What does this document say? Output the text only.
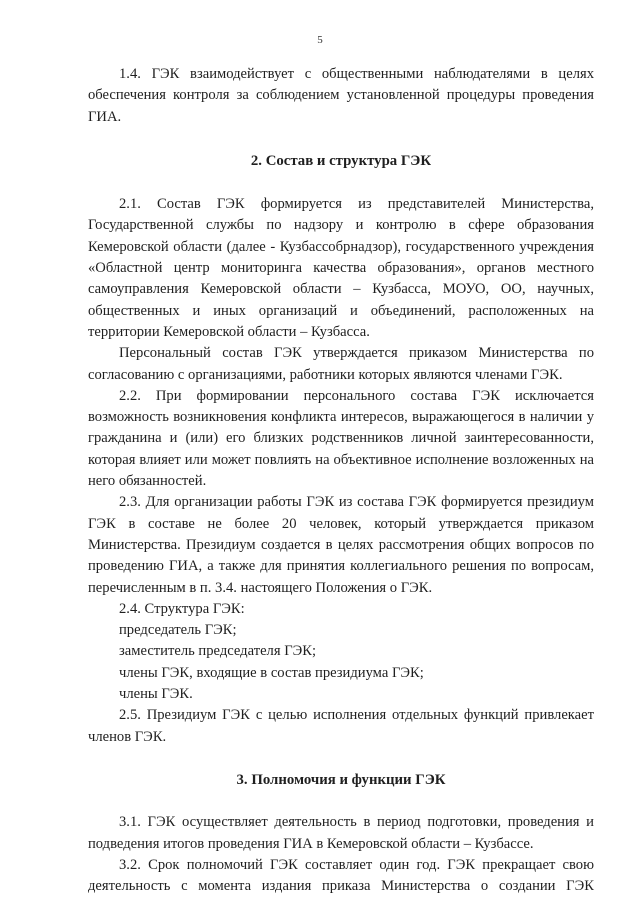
5

1.4. ГЭК взаимодействует с общественными наблюдателями в целях обеспечения контроля за соблюдением установленной процедуры проведения ГИА.

2. Состав и структура ГЭК

2.1. Состав ГЭК формируется из представителей Министерства, Государственной службы по надзору и контролю в сфере образования Кемеровской области (далее - Кузбассобрнадзор), государственного учреждения «Областной центр мониторинга качества образования», органов местного самоуправления Кемеровской области – Кузбасса, МОУО, ОО, научных, общественных и иных организаций и объединений, расположенных на территории Кемеровской области – Кузбасса.

Персональный состав ГЭК утверждается приказом Министерства по согласованию с организациями, работники которых являются членами ГЭК.

2.2. При формировании персонального состава ГЭК исключается возможность возникновения конфликта интересов, выражающегося в наличии у гражданина и (или) его близких родственников личной заинтересованности, которая влияет или может повлиять на объективное исполнение возложенных на него обязанностей.

2.3. Для организации работы ГЭК из состава ГЭК формируется президиум ГЭК в составе не более 20 человек, который утверждается приказом Министерства. Президиум создается в целях рассмотрения общих вопросов по проведению ГИА, а также для принятия коллегиального решения по вопросам, перечисленным в п. 3.4. настоящего Положения о ГЭК.

2.4. Структура ГЭК:

председатель ГЭК;

заместитель председателя ГЭК;

члены ГЭК, входящие в состав президиума ГЭК;

члены ГЭК.

2.5. Президиум ГЭК с целью исполнения отдельных функций привлекает членов ГЭК.

3. Полномочия и функции ГЭК

3.1. ГЭК осуществляет деятельность в период подготовки, проведения и подведения итогов проведения ГИА в Кемеровской области – Кузбассе.

3.2. Срок полномочий ГЭК составляет один год. ГЭК прекращает свою деятельность с момента издания приказа Министерства о создании ГЭК
